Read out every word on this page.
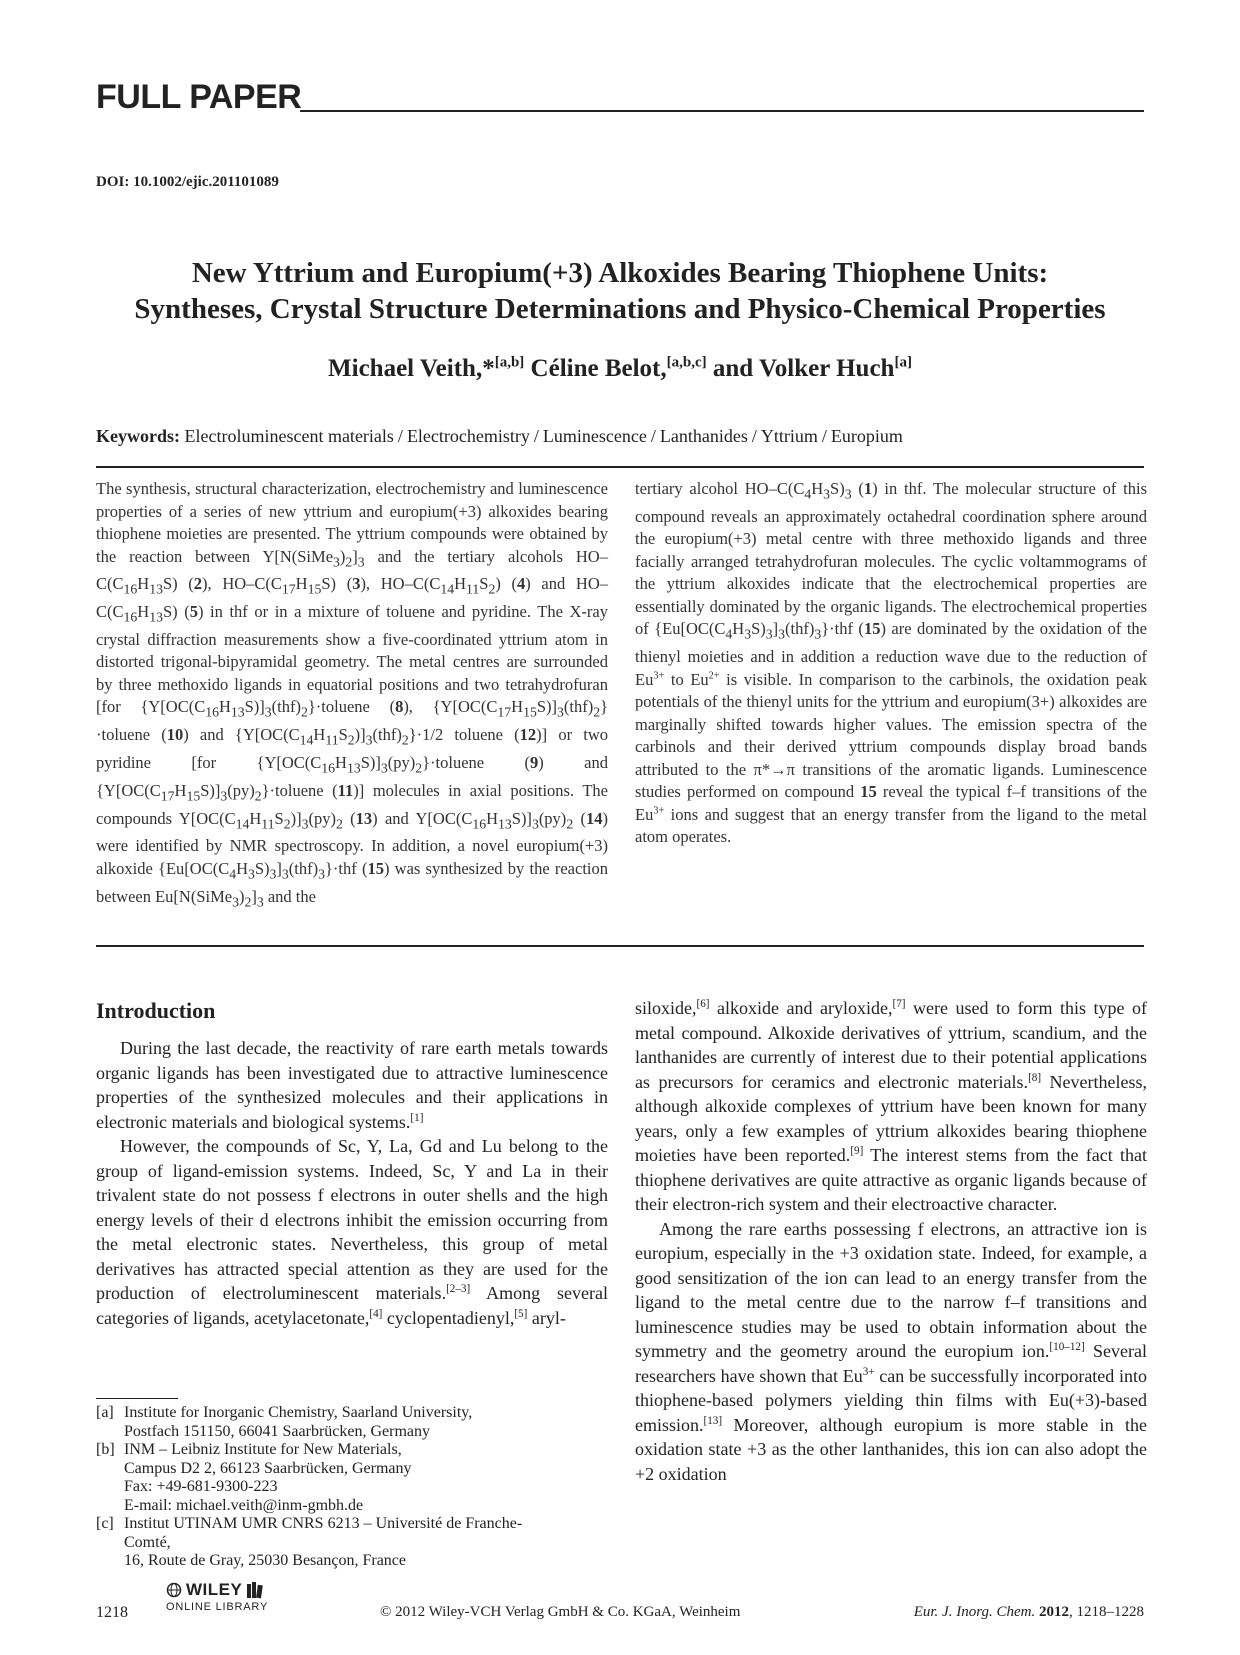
FULL PAPER
DOI: 10.1002/ejic.201101089
New Yttrium and Europium(+3) Alkoxides Bearing Thiophene Units:
Syntheses, Crystal Structure Determinations and Physico-Chemical Properties
Michael Veith,*[a,b] Céline Belot,[a,b,c] and Volker Huch[a]
Keywords: Electroluminescent materials / Electrochemistry / Luminescence / Lanthanides / Yttrium / Europium
The synthesis, structural characterization, electrochemistry and luminescence properties of a series of new yttrium and europium(+3) alkoxides bearing thiophene moieties are presented. The yttrium compounds were obtained by the reaction between $Y[N(SiMe_3)_2]_3$ and the tertiary alcohols $HO-C(C_{16}H_{13}S)$ (2), $HO-C(C_{17}H_{15}S)$ (3), $HO-C(C_{14}H_{11}S_2)$ (4) and $HO-C(C_{16}H_{13}S)$ (5) in thf or in a mixture of toluene and pyridine. The X-ray crystal diffraction measurements show a five-coordinated yttrium atom in distorted trigonal-bipyramidal geometry. The metal centres are surrounded by three methoxido ligands in equatorial positions and two tetrahydrofuran [for $\{Y[OC(C_{16}H_{13}S)]_3(thf)_2\}\cdot toluene$ (8), $\{Y[OC(C_{17}H_{15}S)]_3(thf)_2\}\cdot toluene$ (10) and $\{Y[OC(C_{14}H_{11}S_2)]_3(thf)_2\}\cdot 1/2$ toluene (12)] or two pyridine [for $\{Y[OC(C_{16}H_{13}S)]_3(py)_2\}\cdot toluene$ (9) and $\{Y[OC(C_{17}H_{15}S)]_3(py)_2\}\cdot toluene$ (11)] molecules in axial positions. The compounds $Y[OC(C_{14}H_{11}S_2)]_3(py)_2$ (13) and $Y[OC(C_{16}H_{13}S)]_3(py)_2$ (14) were identified by NMR spectroscopy. In addition, a novel europium(+3) alkoxide $\{Eu[OC(C_4H_3S)_3]_3(thf)_3\}\cdot thf$ (15) was synthesized by the reaction between $Eu[N(SiMe_3)_2]_3$ and the
tertiary alcohol $HO-C(C_4H_3S)_3$ (1) in thf. The molecular structure of this compound reveals an approximately octahedral coordination sphere around the europium(+3) metal centre with three methoxido ligands and three facially arranged tetrahydrofuran molecules. The cyclic voltammograms of the yttrium alkoxides indicate that the electrochemical properties are essentially dominated by the organic ligands. The electrochemical properties of $\{Eu[OC(C_4H_3S)_3]_3(thf)_3\}\cdot thf$ (15) are dominated by the oxidation of the thienyl moieties and in addition a reduction wave due to the reduction of $Eu^{3+}$ to $Eu^{2+}$ is visible. In comparison to the carbinols, the oxidation peak potentials of the thienyl units for the yttrium and europium(3+) alkoxides are marginally shifted towards higher values. The emission spectra of the carbinols and their derived yttrium compounds display broad bands attributed to the π*→π transitions of the aromatic ligands. Luminescence studies performed on compound 15 reveal the typical f–f transitions of the $Eu^{3+}$ ions and suggest that an energy transfer from the ligand to the metal atom operates.
Introduction

During the last decade, the reactivity of rare earth metals towards organic ligands has been investigated due to attractive luminescence properties of the synthesized molecules and their applications in electronic materials and biological systems.[1]

However, the compounds of Sc, Y, La, Gd and Lu belong to the group of ligand-emission systems. Indeed, Sc, Y and La in their trivalent state do not possess f electrons in outer shells and the high energy levels of their d electrons inhibit the emission occurring from the metal electronic states. Nevertheless, this group of metal derivatives has attracted special attention as they are used for the production of electroluminescent materials.[2–3] Among several categories of ligands, acetylacetonate,[4] cyclopentadienyl,[5] aryl-

siloxide,[6] alkoxide and aryloxide,[7] were used to form this type of metal compound. Alkoxide derivatives of yttrium, scandium, and the lanthanides are currently of interest due to their potential applications as precursors for ceramics and electronic materials.[8] Nevertheless, although alkoxide complexes of yttrium have been known for many years, only a few examples of yttrium alkoxides bearing thiophene moieties have been reported.[9] The interest stems from the fact that thiophene derivatives are quite attractive as organic ligands because of their electron-rich system and their electroactive character.

Among the rare earths possessing f electrons, an attractive ion is europium, especially in the +3 oxidation state. Indeed, for example, a good sensitization of the ion can lead to an energy transfer from the ligand to the metal centre due to the narrow f–f transitions and luminescence studies may be used to obtain information about the symmetry and the geometry around the europium ion.[10–12] Several researchers have shown that $Eu^{3+}$ can be successfully incorporated into thiophene-based polymers yielding thin films with Eu(+3)-based emission.[13] Moreover, although europium is more stable in the oxidation state +3 as the other lanthanides, this ion can also adopt the +2 oxidation

[a] Institute for Inorganic Chemistry, Saarland University,
Postfach 151150, 66041 Saarbrücken, Germany
[b] INM – Leibniz Institute for New Materials,
Campus D2 2, 66123 Saarbrücken, Germany
Fax: +49-681-9300-223
E-mail: michael.veith@inm-gmbh.de
[c] Institut UTINAM UMR CNRS 6213 – Université de Franche-
Comté,
16, Route de Gray, 25030 Besançon, France
1218
WILEY
ONLINE LIBRARY	© 2012 Wiley-VCH Verlag GmbH & Co. KGaA, Weinheim	Eur. J. Inorg. Chem. 2012, 1218–1228
